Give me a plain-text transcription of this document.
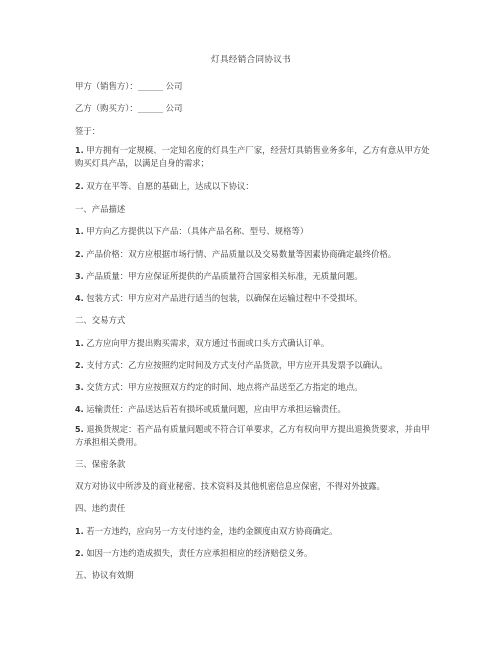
灯具经销合同协议书
甲方（销售方）：______ 公司
乙方（购买方）：______ 公司
签于：
1. 甲方拥有一定规模、一定知名度的灯具生产厂家，经营灯具销售业务多年，乙方有意从甲方处购买灯具产品，以满足自身的需求；
2. 双方在平等、自愿的基础上，达成以下协议：
一、产品描述
1. 甲方向乙方提供以下产品：（具体产品名称、型号、规格等）
2. 产品价格：双方应根据市场行情、产品质量以及交易数量等因素协商确定最终价格。
3. 产品质量：甲方应保证所提供的产品质量符合国家相关标准，无质量问题。
4. 包装方式：甲方应对产品进行适当的包装，以确保在运输过程中不受损坏。
二、交易方式
1. 乙方应向甲方提出购买需求，双方通过书面或口头方式确认订单。
2. 支付方式：乙方应按照约定时间及方式支付产品货款，甲方应开具发票予以确认。
3. 交货方式：甲方应按照双方约定的时间、地点将产品送至乙方指定的地点。
4. 运输责任：产品送达后若有损坏或质量问题，应由甲方承担运输责任。
5. 退换货规定：若产品有质量问题或不符合订单要求，乙方有权向甲方提出退换货要求，并由甲方承担相关费用。
三、保密条款
双方对协议中所涉及的商业秘密、技术资料及其他机密信息应保密，不得对外披露。
四、违约责任
1. 若一方违约，应向另一方支付违约金，违约金额度由双方协商确定。
2. 如因一方违约造成损失，责任方应承担相应的经济赔偿义务。
五、协议有效期
